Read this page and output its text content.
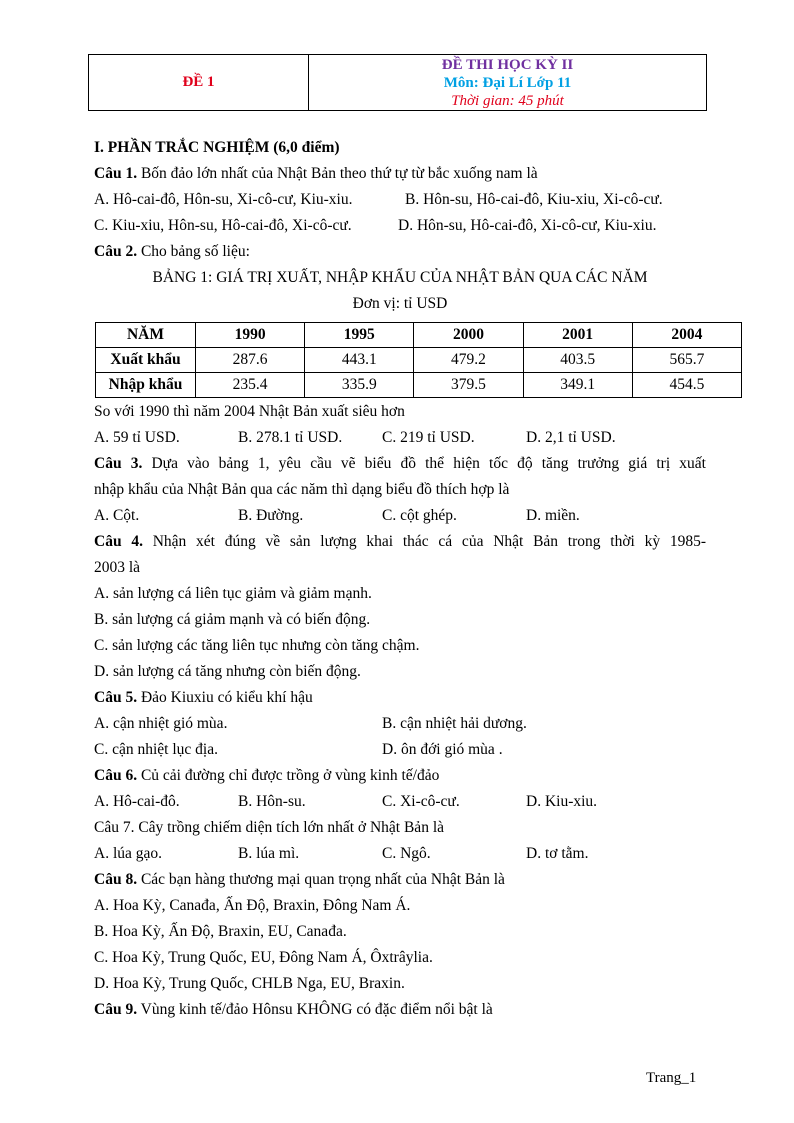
ĐỀ 1	
ĐỀ THI HỌC KỲ II
Môn: Đại Lí Lớp 11
Thời gian: 45 phút
I. PHẦN TRẮC NGHIỆM (6,0 điểm)
Câu 1. Bốn đảo lớn nhất của Nhật Bản theo thứ tự từ bắc xuống nam là
A. Hô-cai-đô, Hôn-su, Xi-cô-cư, Kiu-xiu.	B. Hôn-su, Hô-cai-đô, Kiu-xiu, Xi-cô-cư.
C. Kiu-xiu, Hôn-su, Hô-cai-đô, Xi-cô-cư.	D. Hôn-su, Hô-cai-đô, Xi-cô-cư, Kiu-xiu.
Câu 2. Cho bảng số liệu:
BẢNG 1: GIÁ TRỊ XUẤT, NHẬP KHẨU CỦA NHẬT BẢN QUA CÁC NĂM
Đơn vị: tỉ USD
NĂM	1990	1995	2000	2001	2004
Xuất khẩu	287.6	443.1	479.2	403.5	565.7
Nhập khẩu	235.4	335.9	379.5	349.1	454.5
So với 1990 thì năm 2004 Nhật Bản xuất siêu hơn
A. 59 tỉ USD.	B. 278.1 tỉ USD.	C. 219 tỉ USD.	D. 2,1 tỉ USD.
Câu 3. Dựa vào bảng 1, yêu cầu vẽ biểu đồ thể hiện tốc độ tăng trưởng giá trị xuất
nhập khẩu của Nhật Bản qua các năm thì dạng biểu đồ thích hợp là
A. Cột.	B. Đường.	C. cột ghép.	D. miền.
Câu 4. Nhận xét đúng về sản lượng khai thác cá của Nhật Bản trong thời kỳ 1985-
2003 là
A. sản lượng cá liên tục giảm và giảm mạnh.
B. sản lượng cá giảm mạnh và có biến động.
C. sản lượng các tăng liên tục nhưng còn tăng chậm.
D. sản lượng cá tăng nhưng còn biến động.
Câu 5. Đảo Kiuxiu có kiểu khí hậu
A. cận nhiệt gió mùa.	B. cận nhiệt hải dương.
C. cận nhiệt lục địa.	D. ôn đới gió mùa .
Câu 6. Củ cải đường chỉ được trồng ở vùng kinh tế/đảo
A. Hô-cai-đô.	B. Hôn-su.	C. Xi-cô-cư.	D. Kiu-xiu.
Câu 7. Cây trồng chiếm diện tích lớn nhất ở Nhật Bản là
A. lúa gạo.	B. lúa mì.	C. Ngô.	D. tơ tằm.
Câu 8. Các bạn hàng thương mại quan trọng nhất của Nhật Bản là
A. Hoa Kỳ, Canađa, Ấn Độ, Braxin, Đông Nam Á.
B. Hoa Kỳ, Ấn Độ, Braxin, EU, Canađa.
C. Hoa Kỳ, Trung Quốc, EU, Đông Nam Á, Ôxtrâylia.
D. Hoa Kỳ, Trung Quốc, CHLB Nga, EU, Braxin.
Câu 9. Vùng kinh tế/đảo Hônsu KHÔNG có đặc điểm nổi bật là
Trang_1
